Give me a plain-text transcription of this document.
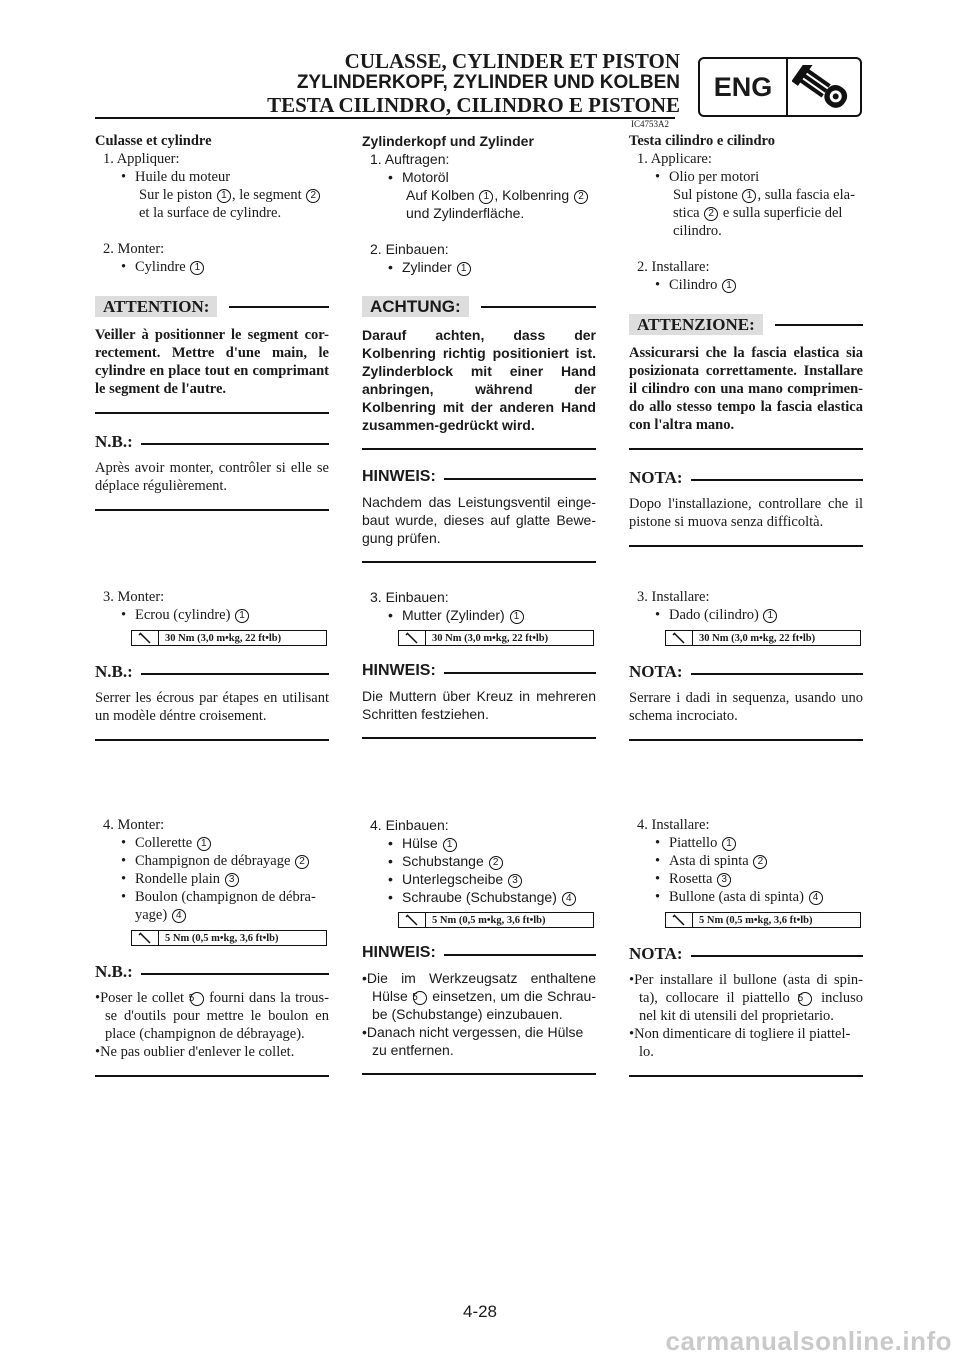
CULASSE, CYLINDER ET PISTON
ZYLINDERKOPF, ZYLINDER UND KOLBEN
TESTA CILINDRO, CILINDRO E PISTONE
ENG
IC4753A2

Culasse et cylindre

1. Appliquer:

• Huile du moteur

Sur le piston 1 , le segment 2

et la surface de cylindre.

2. Monter:

• Cylindre 1

ATTENTION:

Veiller à positionner le segment cor-rectement. Mettre d'une main, le cylindre en place tout en comprimant le segment de l'autre.

N.B.:

Après avoir monter, contrôler si elle se déplace régulièrement.

3. Monter:

• Ecrou (cylindre) 1

30 Nm (3,0 m•kg, 22 ft•lb)
N.B.:

Serrer les écrous par étapes en utilisant un modèle déntre croisement.

4. Monter:

• Collerette 1

• Champignon de débrayage 2

• Rondelle plain 3

• Boulon (champignon de débra-

yage) 4

5 Nm (0,5 m•kg, 3,6 ft•lb)
N.B.:

•Poser le collet 5 fourni dans la trous-se d'outils pour mettre le boulon en place (champignon de débrayage).

•Ne pas oublier d'enlever le collet.

Zylinderkopf und Zylinder

1. Auftragen:

• Motoröl

Auf Kolben 1 , Kolbenring 2

und Zylinderfläche.

2. Einbauen:

• Zylinder 1

ACHTUNG:

Darauf achten, dass der Kolbenring richtig positioniert ist. Zylinderblock mit einer Hand anbringen, während der Kolbenring mit der anderen Hand zusammen-gedrückt wird.

HINWEIS:

Nachdem das Leistungsventil einge-baut wurde, dieses auf glatte Bewe-gung prüfen.

3. Einbauen:

• Mutter (Zylinder) 1

30 Nm (3,0 m•kg, 22 ft•lb)
HINWEIS:

Die Muttern über Kreuz in mehreren Schritten festziehen.

4. Einbauen:

• Hülse 1

• Schubstange 2

• Unterlegscheibe 3

• Schraube (Schubstange) 4

5 Nm (0,5 m•kg, 3,6 ft•lb)
HINWEIS:

•Die im Werkzeugsatz enthaltene Hülse 5 einsetzen, um die Schrau-be (Schubstange) einzubauen.

•Danach nicht vergessen, die Hülse zu entfernen.

Testa cilindro e cilindro

1. Applicare:

• Olio per motori

Sul pistone 1 , sulla fascia ela-

stica 2 e sulla superficie del

cilindro.

2. Installare:

• Cilindro 1

ATTENZIONE:

Assicurarsi che la fascia elastica sia posizionata correttamente. Installare il cilindro con una mano comprimen-do allo stesso tempo la fascia elastica con l'altra mano.

NOTA:

Dopo l'installazione, controllare che il pistone si muova senza difficoltà.

3. Installare:

• Dado (cilindro) 1

30 Nm (3,0 m•kg, 22 ft•lb)
NOTA:

Serrare i dadi in sequenza, usando uno schema incrociato.

4. Installare:

• Piattello 1

• Asta di spinta 2

• Rosetta 3

• Bullone (asta di spinta) 4

5 Nm (0,5 m•kg, 3,6 ft•lb)
NOTA:

•Per installare il bullone (asta di spin-ta), collocare il piattello 5 incluso nel kit di utensili del proprietario.

•Non dimenticare di togliere il piattel-lo.

4-28
carmanualsonline.info
